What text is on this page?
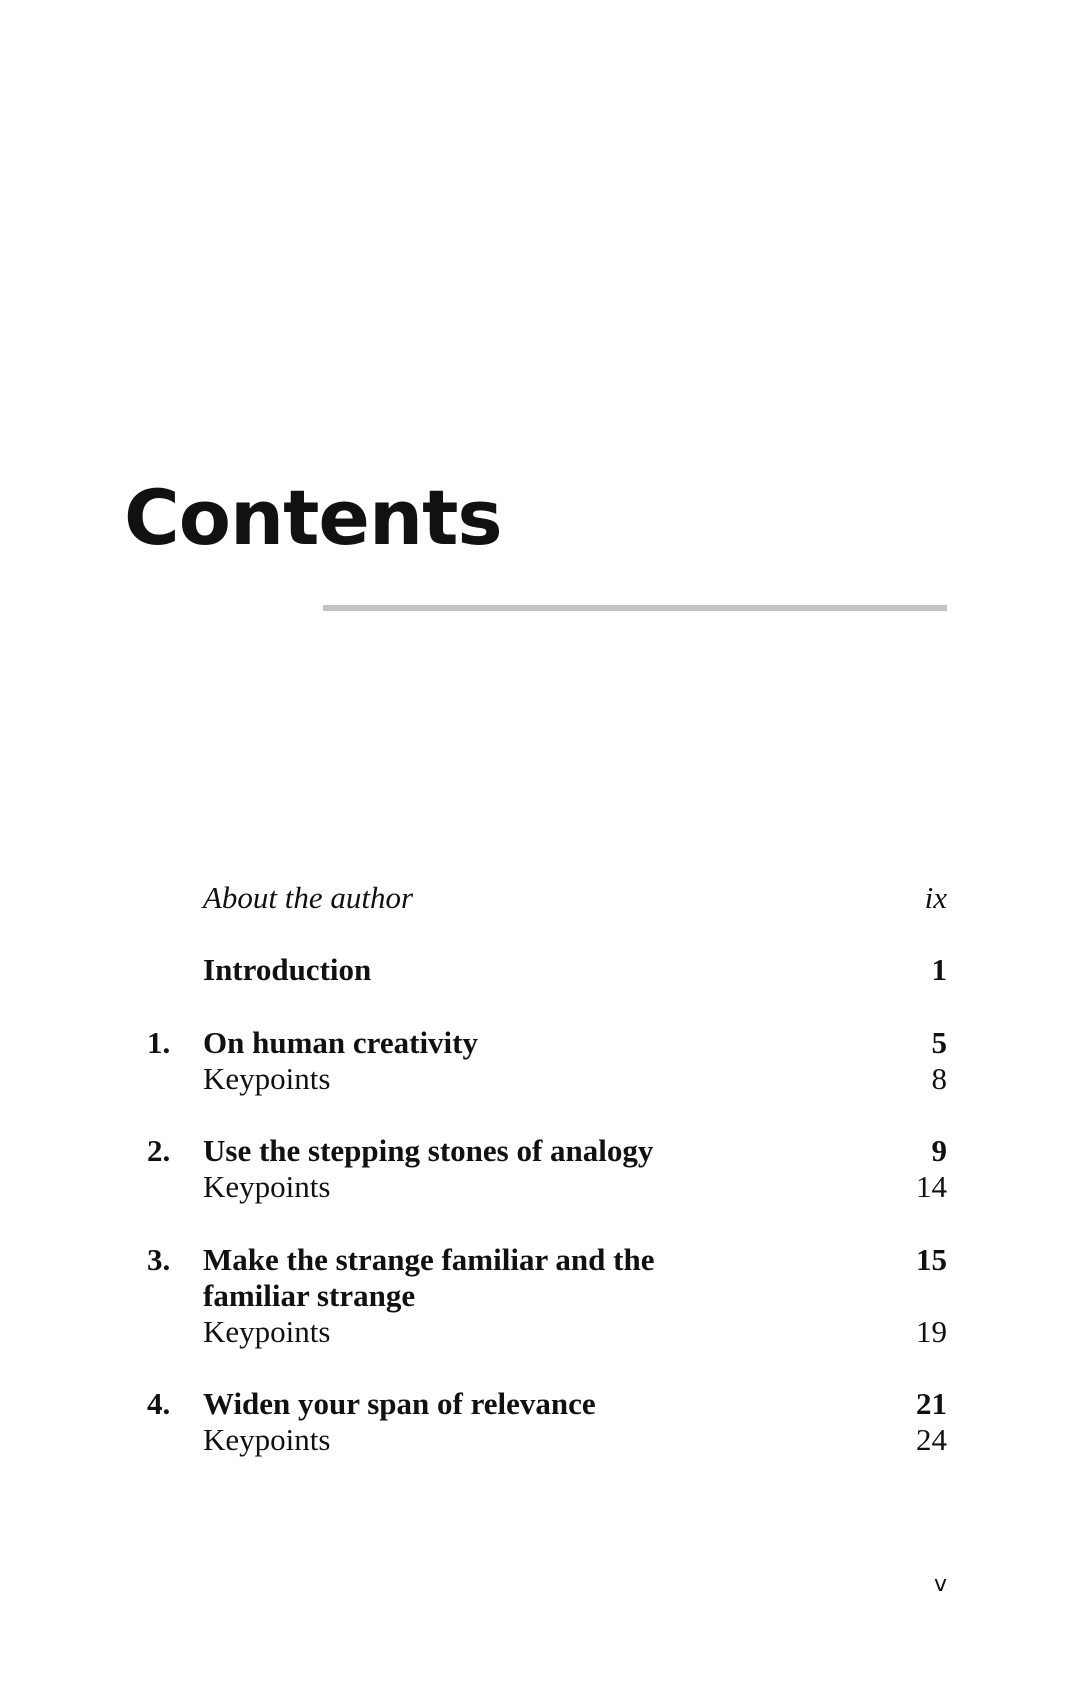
Contents
About the author	ix
Introduction	1
1. On human creativity	5
Keypoints	8
2. Use the stepping stones of analogy	9
Keypoints	14
3. Make the strange familiar and the	15
familiar strange
Keypoints	19
4. Widen your span of relevance	21
Keypoints	24
v
